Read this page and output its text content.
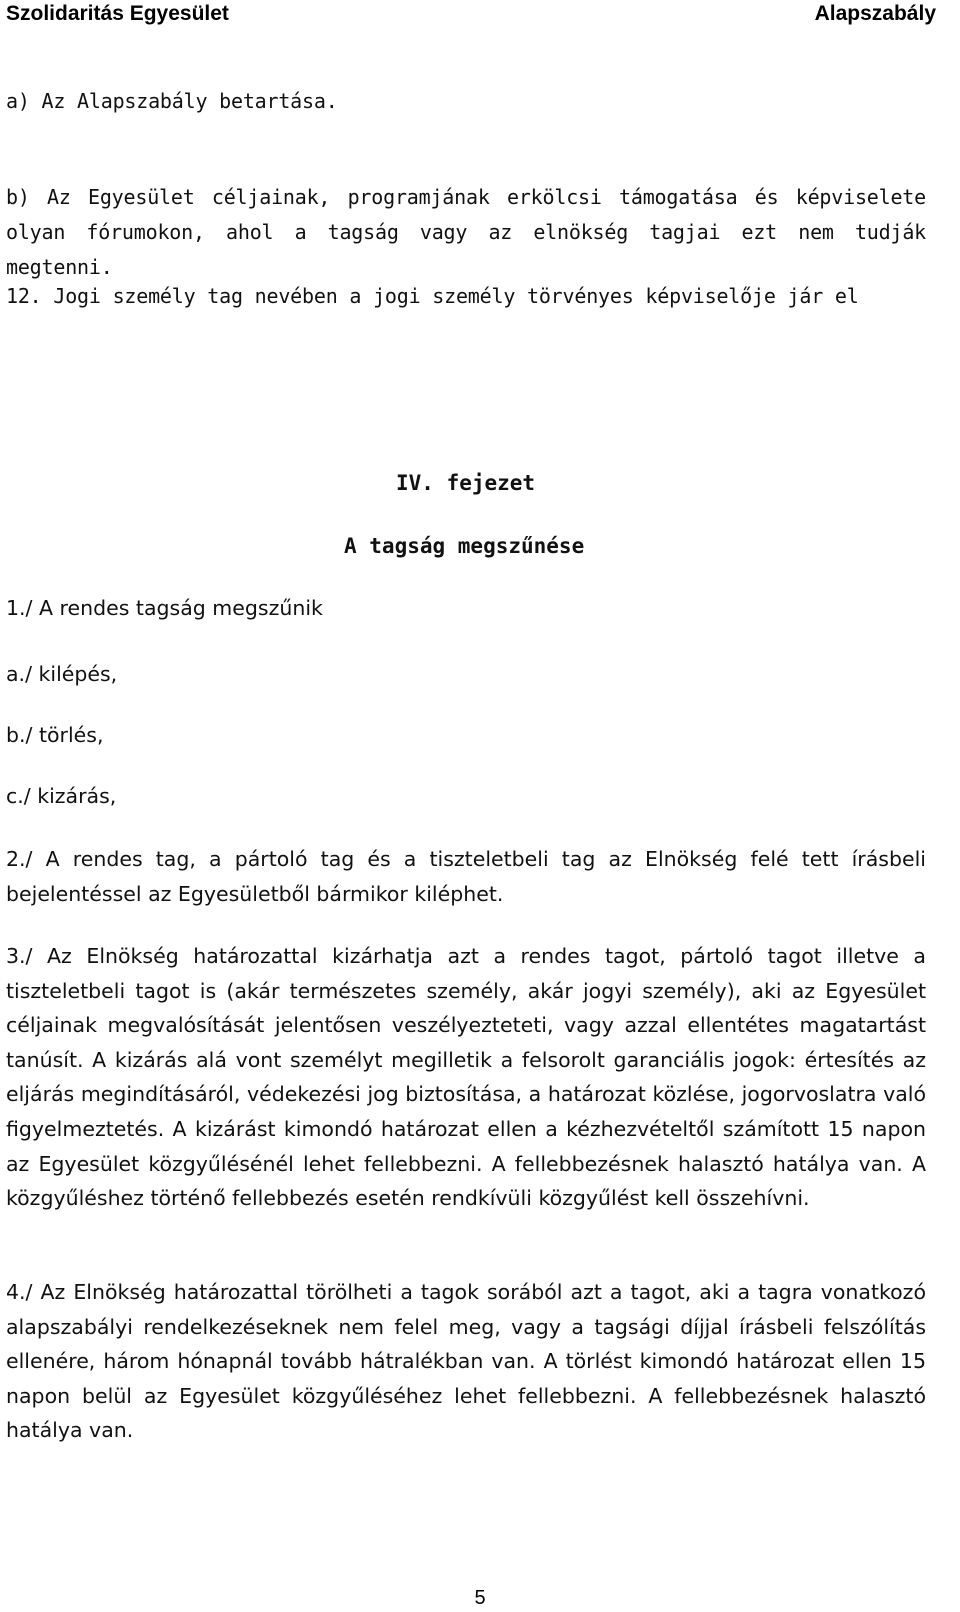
Szolidaritás Egyesület	Alapszabály
a) Az Alapszabály betartása.
b) Az Egyesület céljainak, programjának erkölcsi támogatása és képviselete olyan fórumokon, ahol a tagság vagy az elnökség tagjai ezt nem tudják megtenni.
12. Jogi személy tag nevében a jogi személy törvényes képviselője jár el
IV. fejezet
A tagság megszűnése
1./ A rendes tagság megszűnik
a./ kilépés,
b./ törlés,
c./ kizárás,
2./ A rendes tag, a pártoló tag és a tiszteletbeli tag az Elnökség felé tett írásbeli bejelentéssel az Egyesületből bármikor kiléphet.
3./ Az Elnökség határozattal kizárhatja azt a rendes tagot, pártoló tagot illetve a tiszteletbeli tagot is (akár természetes személy, akár jogyi személy), aki az Egyesület céljainak megvalósítását jelentősen veszélyezteteti, vagy azzal ellentétes magatartást tanúsít. A kizárás alá vont személyt megilletik a felsorolt garanciális jogok: értesítés az eljárás megindításáról, védekezési jog biztosítása, a határozat közlése, jogorvoslatra való figyelmeztetés. A kizárást kimondó határozat ellen a kézhezvételtől számított 15 napon az Egyesület közgyűlésénél lehet fellebbezni. A fellebbezésnek halasztó hatálya van. A közgyűléshez történő fellebbezés esetén rendkívüli közgyűlést kell összehívni.
4./ Az Elnökség határozattal törölheti a tagok sorából azt a tagot, aki a tagra vonatkozó alapszabályi rendelkezéseknek nem felel meg, vagy a tagsági díjjal írásbeli felszólítás ellenére, három hónapnál tovább hátralékban van. A törlést kimondó határozat ellen 15 napon belül az Egyesület közgyűléséhez lehet fellebbezni. A fellebbezésnek halasztó hatálya van.
5
